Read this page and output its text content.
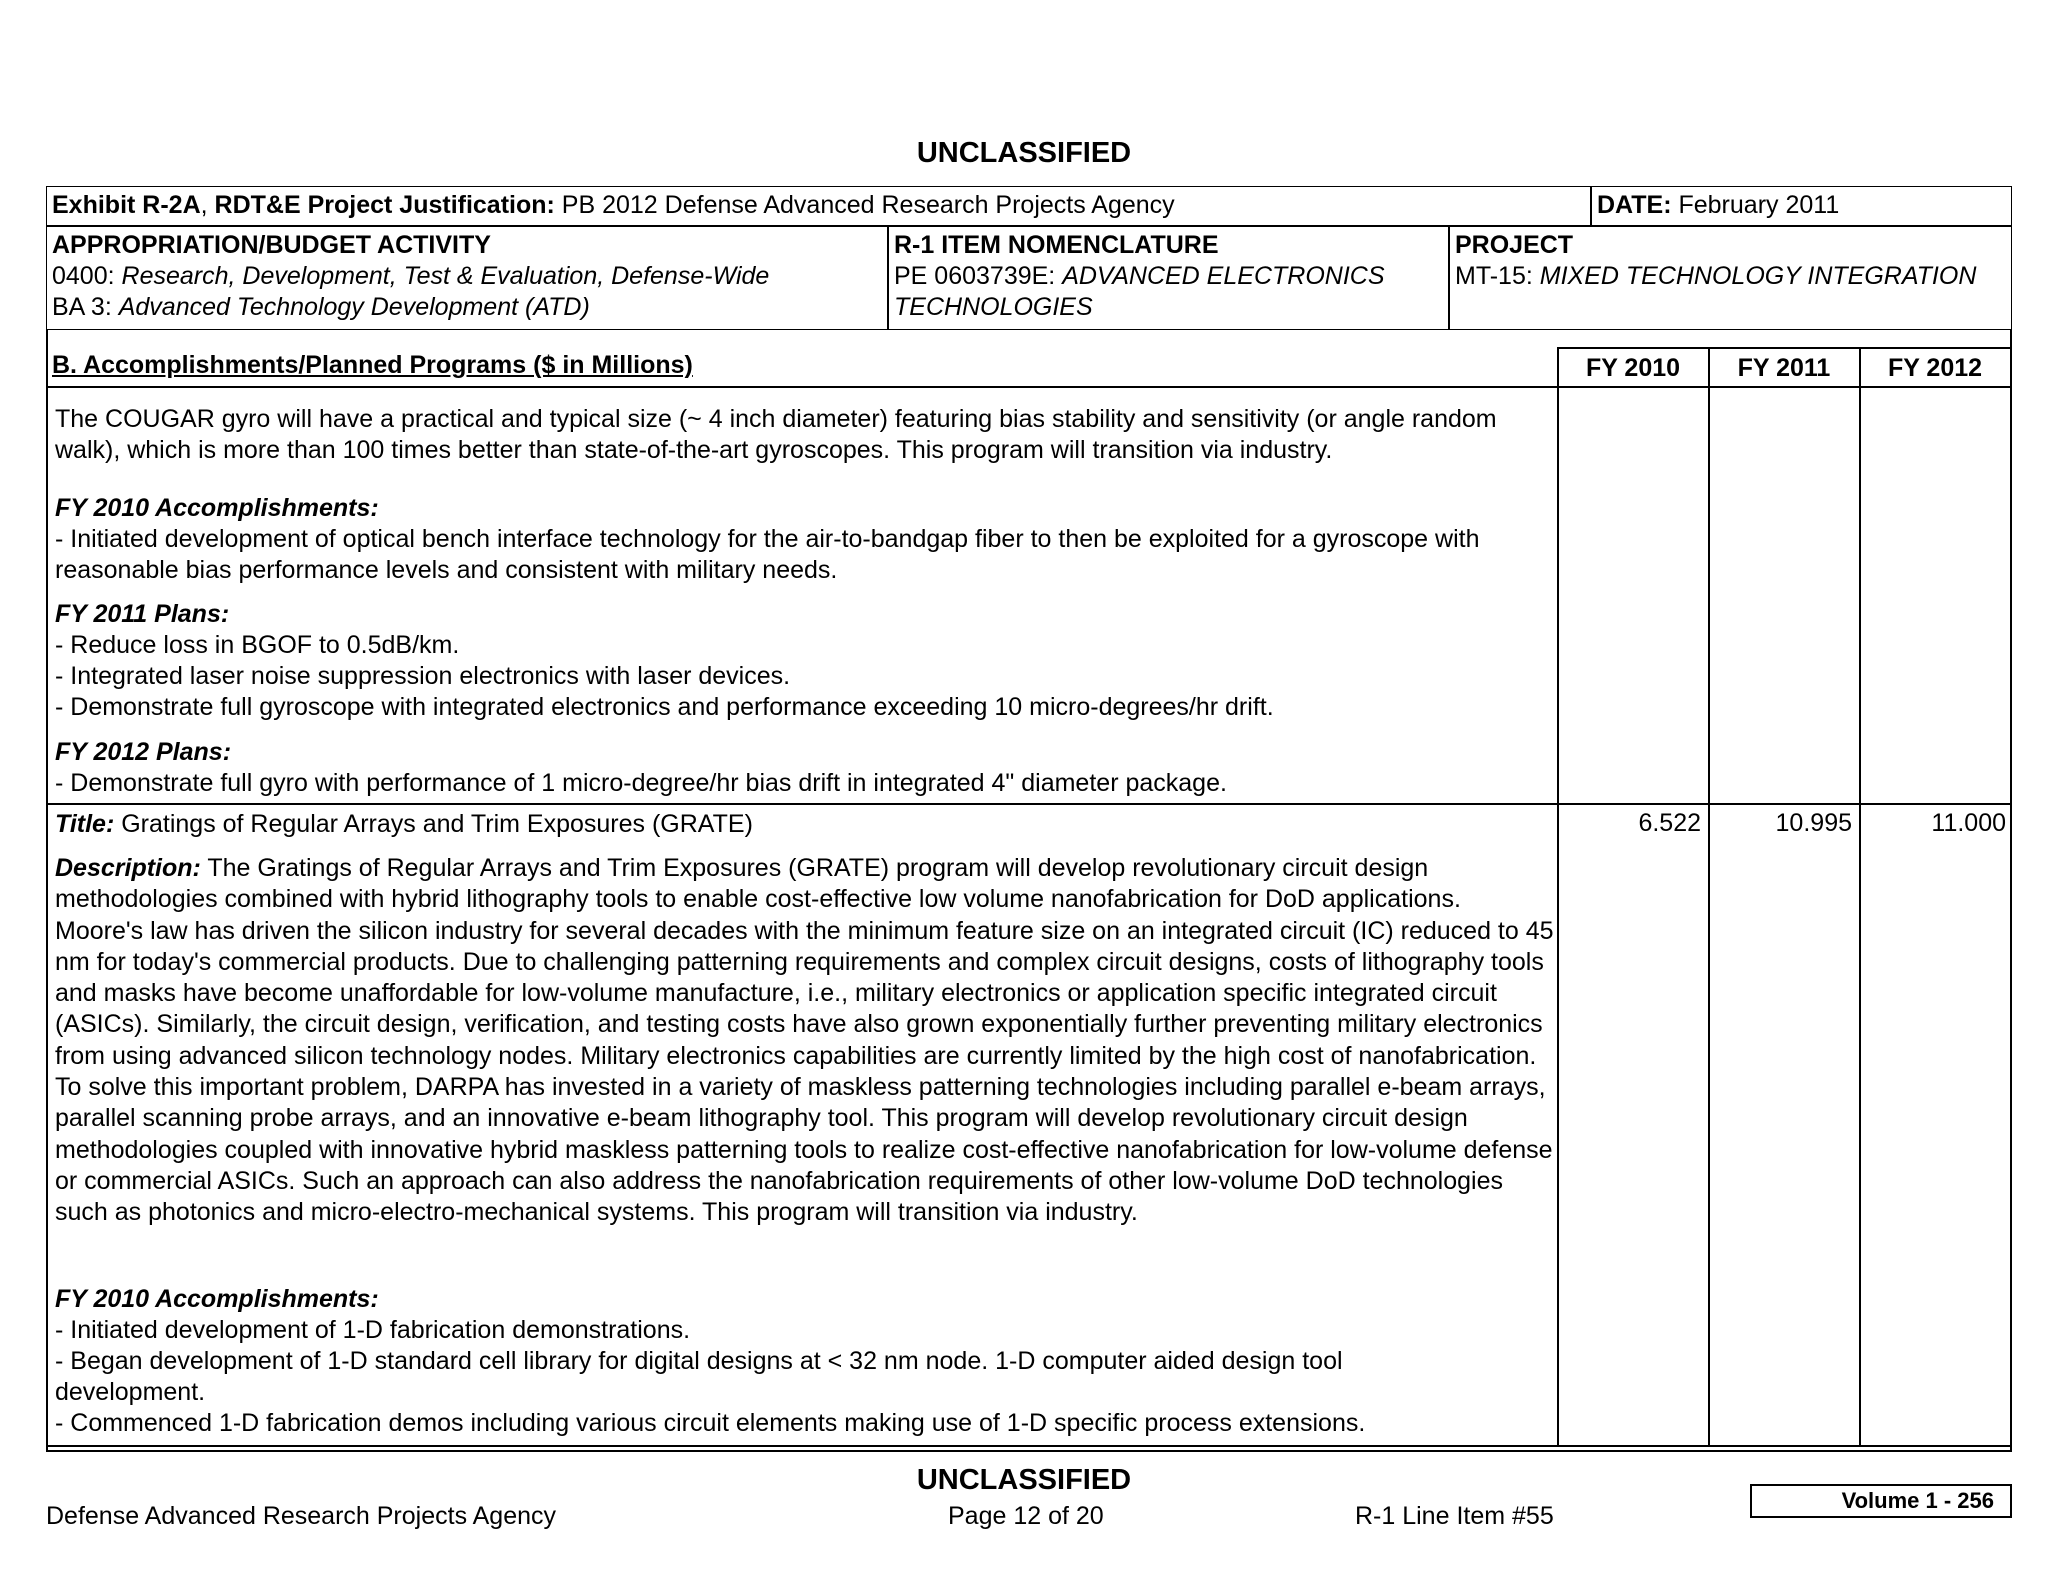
UNCLASSIFIED
Exhibit R-2A, RDT&E Project Justification: PB 2012 Defense Advanced Research Projects Agency	DATE: February 2011
APPROPRIATION/BUDGET ACTIVITY
0400: Research, Development, Test & Evaluation, Defense-Wide
BA 3: Advanced Technology Development (ATD)
R-1 ITEM NOMENCLATURE
PE 0603739E: ADVANCED ELECTRONICS
TECHNOLOGIES
PROJECT
MT-15: MIXED TECHNOLOGY INTEGRATION
B. Accomplishments/Planned Programs ($ in Millions)	FY 2010	FY 2011	FY 2012
The COUGAR gyro will have a practical and typical size (~ 4 inch diameter) featuring bias stability and sensitivity (or angle random walk), which is more than 100 times better than state-of-the-art gyroscopes. This program will transition via industry.
FY 2010 Accomplishments:
- Initiated development of optical bench interface technology for the air-to-bandgap fiber to then be exploited for a gyroscope with reasonable bias performance levels and consistent with military needs.
FY 2011 Plans:
- Reduce loss in BGOF to 0.5dB/km.
- Integrated laser noise suppression electronics with laser devices.
- Demonstrate full gyroscope with integrated electronics and performance exceeding 10 micro-degrees/hr drift.
FY 2012 Plans:
- Demonstrate full gyro with performance of 1 micro-degree/hr bias drift in integrated 4" diameter package.
Title: Gratings of Regular Arrays and Trim Exposures (GRATE)	6.522	10.995	11.000
Description: The Gratings of Regular Arrays and Trim Exposures (GRATE) program will develop revolutionary circuit design methodologies combined with hybrid lithography tools to enable cost-effective low volume nanofabrication for DoD applications. Moore's law has driven the silicon industry for several decades with the minimum feature size on an integrated circuit (IC) reduced to 45 nm for today's commercial products. Due to challenging patterning requirements and complex circuit designs, costs of lithography tools and masks have become unaffordable for low-volume manufacture, i.e., military electronics or application specific integrated circuit (ASICs). Similarly, the circuit design, verification, and testing costs have also grown exponentially further preventing military electronics from using advanced silicon technology nodes. Military electronics capabilities are currently limited by the high cost of nanofabrication. To solve this important problem, DARPA has invested in a variety of maskless patterning technologies including parallel e-beam arrays, parallel scanning probe arrays, and an innovative e-beam lithography tool. This program will develop revolutionary circuit design methodologies coupled with innovative hybrid maskless patterning tools to realize cost-effective nanofabrication for low-volume defense or commercial ASICs. Such an approach can also address the nanofabrication requirements of other low-volume DoD technologies such as photonics and micro-electro-mechanical systems. This program will transition via industry.
FY 2010 Accomplishments:
- Initiated development of 1-D fabrication demonstrations.
- Began development of 1-D standard cell library for digital designs at < 32 nm node. 1-D computer aided design tool development.
- Commenced 1-D fabrication demos including various circuit elements making use of 1-D specific process extensions.
UNCLASSIFIED
Defense Advanced Research Projects Agency	Page 12 of 20	R-1 Line Item #55
Volume 1 - 256
